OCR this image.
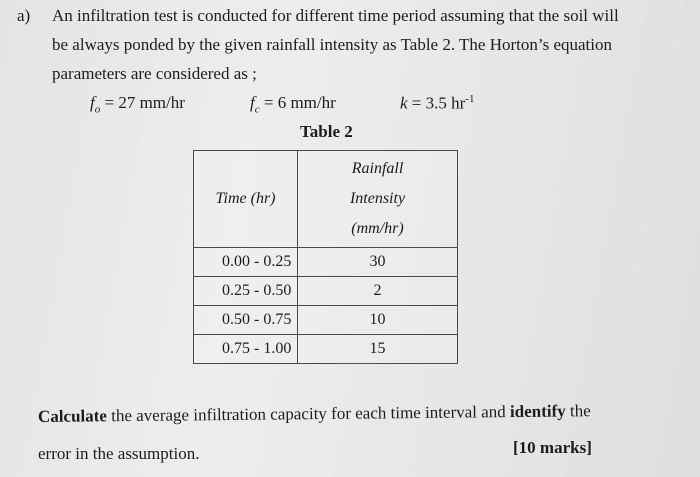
a) An infiltration test is conducted for different time period assuming that the soil will
be always ponded by the given rainfall intensity as Table 2. The Horton’s equation
parameters are considered as ;
$f_o = 27$ mm/hr	$f_c = 6$ mm/hr	k = 3.5 $hr^{-1}$
Table 2
Time (hr)	Rainfall
Intensity
(mm/hr)

0.00 - 0.25	30
0.25 - 0.50	2
0.50 - 0.75	10
0.75 - 1.00	15
Calculate the average infiltration capacity for each time interval and identify the
error in the assumption.	[10 marks]
